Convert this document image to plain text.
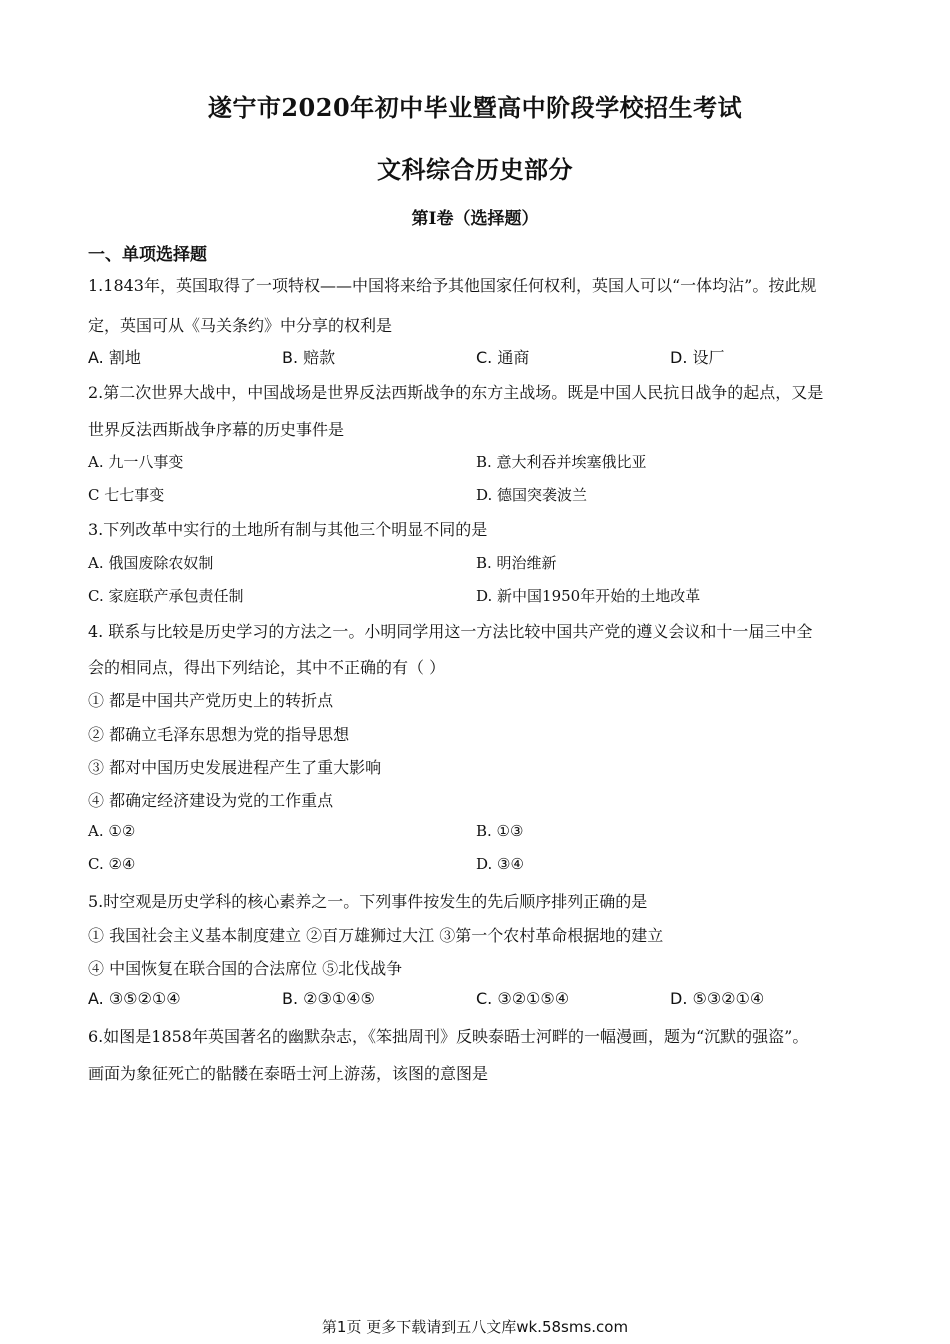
遂宁市2020年初中毕业暨高中阶段学校招生考试
文科综合历史部分
第Ⅰ卷（选择题）
一、单项选择题
1.1843年，英国取得了一项特权——中国将来给予其他国家任何权利，英国人可以“一体均沾”。按此规
定，英国可从《马关条约》中分享的权利是
A. 割地	B. 赔款	C. 通商	D. 设厂
2.第二次世界大战中，中国战场是世界反法西斯战争的东方主战场。既是中国人民抗日战争的起点，又是
世界反法西斯战争序幕的历史事件是
A. 九一八事变	B. 意大利吞并埃塞俄比亚
C 七七事变	D. 德国突袭波兰
3.下列改革中实行的土地所有制与其他三个明显不同的是
A. 俄国废除农奴制	B. 明治维新
C. 家庭联产承包责任制	D. 新中国1950年开始的土地改革
4. 联系与比较是历史学习的方法之一。小明同学用这一方法比较中国共产党的遵义会议和十一届三中全
会的相同点，得出下列结论，其中不正确的有（ ）
① 都是中国共产党历史上的转折点
② 都确立毛泽东思想为党的指导思想
③ 都对中国历史发展进程产生了重大影响
④ 都确定经济建设为党的工作重点
A. ①②	B. ①③
C. ②④	D. ③④
5.时空观是历史学科的核心素养之一。下列事件按发生的先后顺序排列正确的是
① 我国社会主义基本制度建立 ②百万雄狮过大江 ③第一个农村革命根据地的建立
④ 中国恢复在联合国的合法席位 ⑤北伐战争
A. ③⑤②①④	B. ②③①④⑤	C. ③②①⑤④	D. ⑤③②①④
6.如图是1858年英国著名的幽默杂志，《笨拙周刊》反映泰晤士河畔的一幅漫画，题为“沉默的强盗”。
画面为象征死亡的骷髅在泰晤士河上游荡，该图的意图是
第1页 更多下载请到五八文库wk.58sms.com
